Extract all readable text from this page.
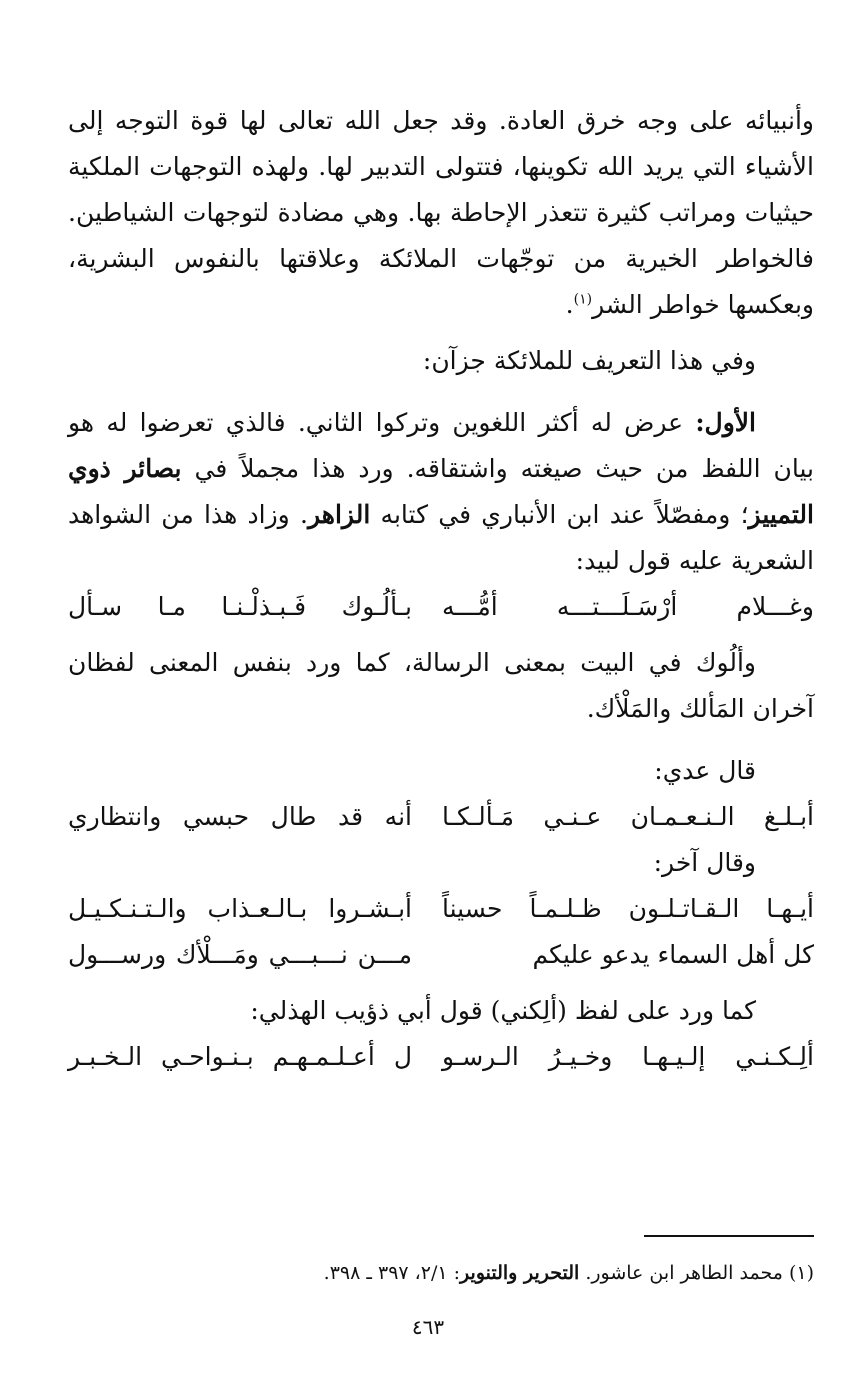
وأنبيائه على وجه خرق العادة. وقد جعل الله تعالى لها قوة التوجه إلى الأشياء التي يريد الله تكوينها، فتتولى التدبير لها. ولهذه التوجهات الملكية حيثيات ومراتب كثيرة تتعذر الإحاطة بها. وهي مضادة لتوجهات الشياطين. فالخواطر الخيرية من توجّهات الملائكة وعلاقتها بالنفوس البشرية، وبعكسها خواطر الشر$^{(١)}$.

وفي هذا التعريف للملائكة جزآن:

الأول: عرض له أكثر اللغوين وتركوا الثاني. فالذي تعرضوا له هو بيان اللفظ من حيث صيغته واشتقاقه. ورد هذا مجملاً في بصائر ذوي التمييز؛ ومفصّلاً عند ابن الأنباري في كتابه الزاهر. وزاد هذا من الشواهد الشعرية عليه قول لبيد:

وغـــلام أرْسَـلَـــتـــه أمُّـــه
بـألُـوك فَـبـذلْـنـا مـا سـأل

وألُوك في البيت بمعنى الرسالة، كما ورد بنفس المعنى لفظان آخران المَألك والمَلْأك.

قال عدي:

أبـلـغ الـنـعـمـان عـنـي مَـألـكـا
أنه قد طال حبسي وانتظاري

وقال آخر:

أيـهـا الـقـاتـلـون ظـلـمـاً حسيناً
أبـشـروا بـالـعـذاب والـتـنـكـيـل
كل أهل السماء يدعو عليكم
مـــن نـــبـــي ومَـــلْأك ورســـول

كما ورد على لفظ (ألِكني) قول أبي ذؤيب الهذلي:

ألِـكـنـي إلـيـهـا وخـيـرُ الـرسـو
ل أعـلـمـهـم بـنـواحـي الـخـبـر
(١) محمد الطاهر ابن عاشور. التحرير والتنوير: ٢/١، ٣٩٧ ـ ٣٩٨.
٤٦٣
